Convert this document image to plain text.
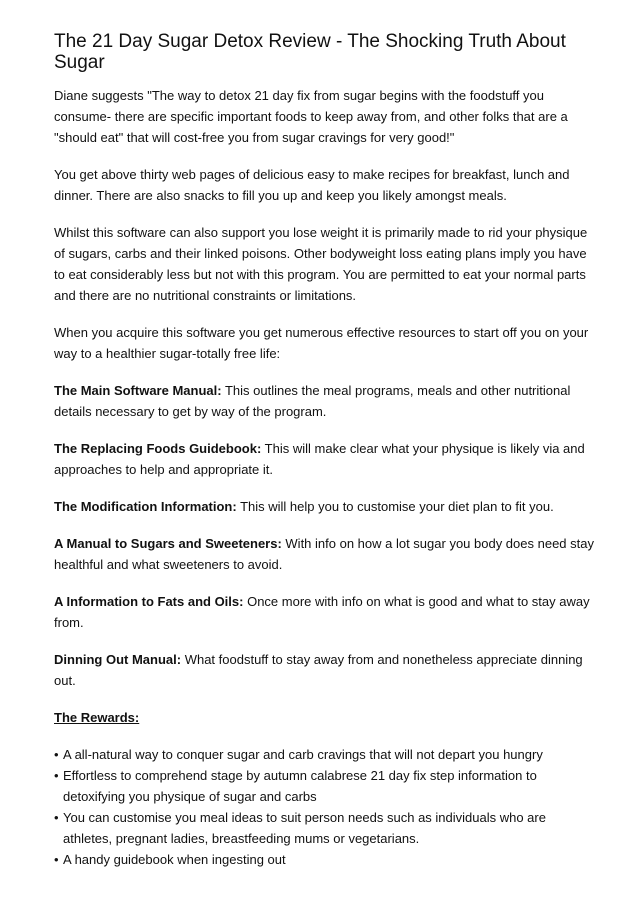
The 21 Day Sugar Detox Review - The Shocking Truth About Sugar

Diane suggests "The way to detox 21 day fix from sugar begins with the foodstuff you consume- there are specific important foods to keep away from, and other folks that are a "should eat" that will cost-free you from sugar cravings for very good!"

You get above thirty web pages of delicious easy to make recipes for breakfast, lunch and dinner. There are also snacks to fill you up and keep you likely amongst meals.

Whilst this software can also support you lose weight it is primarily made to rid your physique of sugars, carbs and their linked poisons. Other bodyweight loss eating plans imply you have to eat considerably less but not with this program. You are permitted to eat your normal parts and there are no nutritional constraints or limitations.

When you acquire this software you get numerous effective resources to start off you on your way to a healthier sugar-totally free life:

The Main Software Manual: This outlines the meal programs, meals and other nutritional details necessary to get by way of the program.

The Replacing Foods Guidebook: This will make clear what your physique is likely via and approaches to help and appropriate it.

The Modification Information: This will help you to customise your diet plan to fit you.

A Manual to Sugars and Sweeteners: With info on how a lot sugar you body does need stay healthful and what sweeteners to avoid.

A Information to Fats and Oils: Once more with info on what is good and what to stay away from.

Dinning Out Manual: What foodstuff to stay away from and nonetheless appreciate dinning out.

The Rewards:

• A all-natural way to conquer sugar and carb cravings that will not depart you hungry
• Effortless to comprehend stage by autumn calabrese 21 day fix step information to detoxifying you physique of sugar and carbs
• You can customise you meal ideas to suit person needs such as individuals who are athletes, pregnant ladies, breastfeeding mums or vegetarians.
• A handy guidebook when ingesting out
